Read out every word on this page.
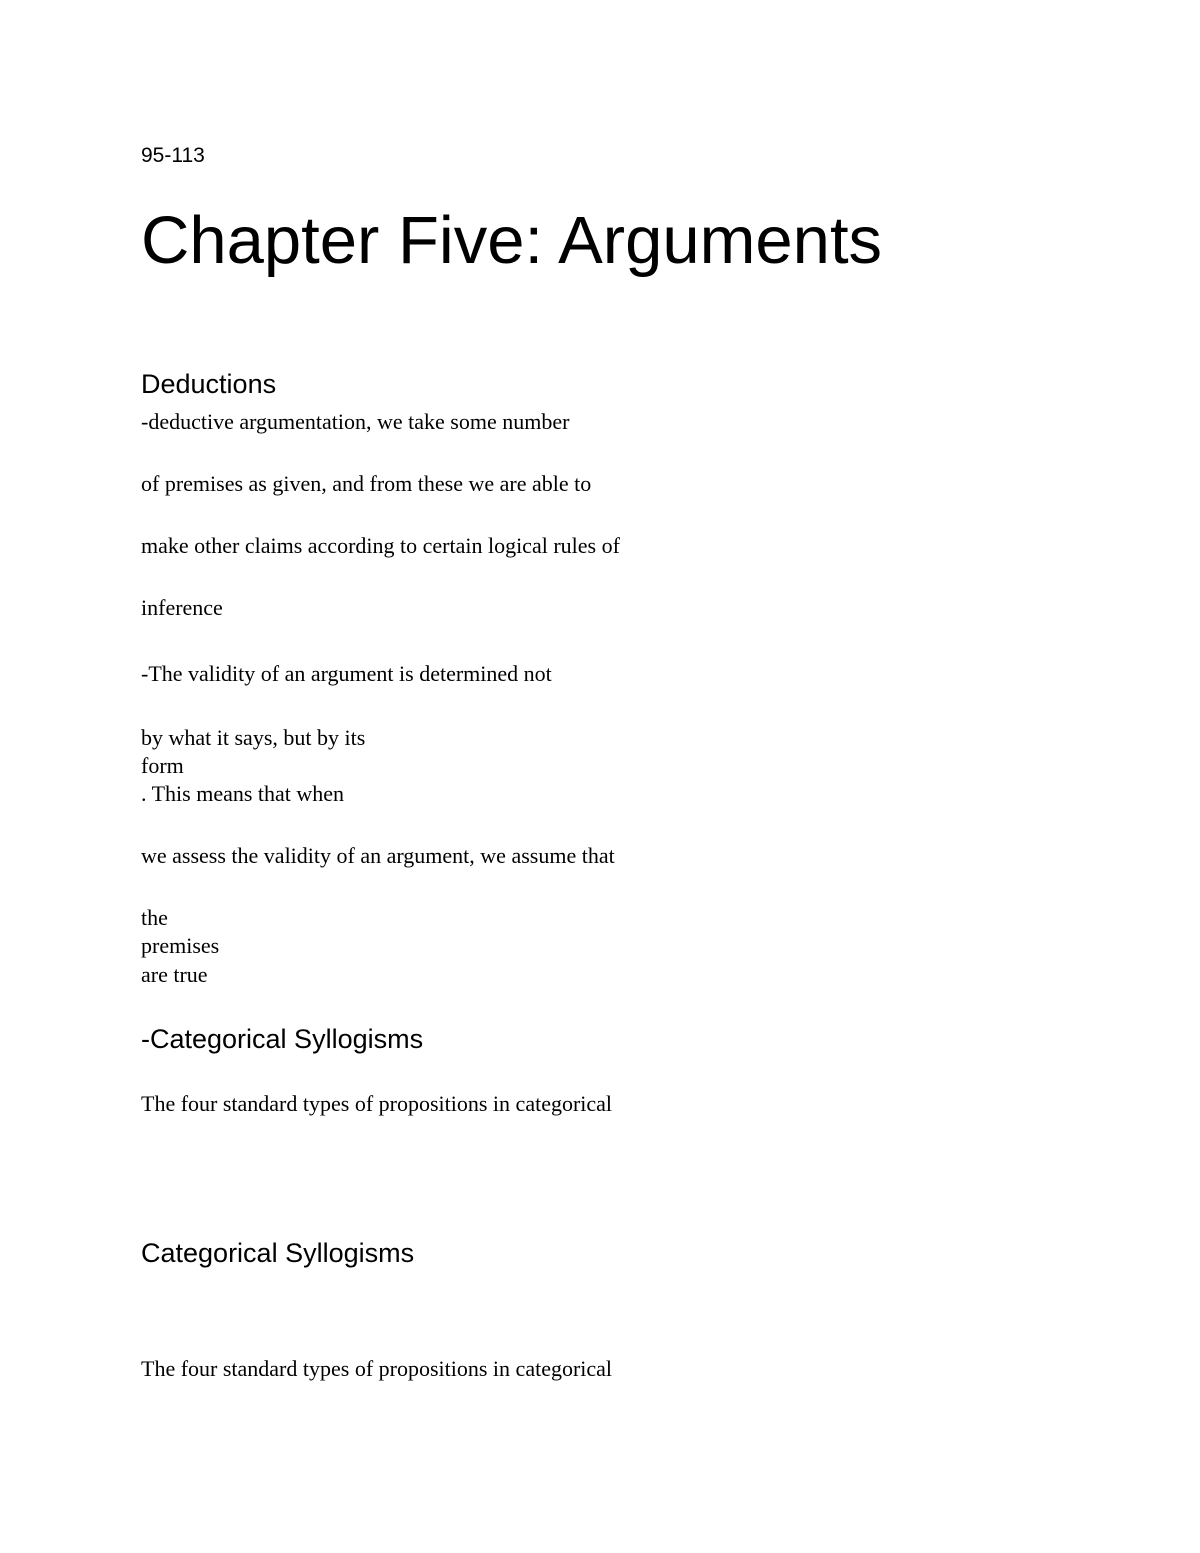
95-113

Chapter Five: Arguments
Deductions

-deductive argumentation, we take some number

of premises as given, and from these we are able to

make other claims according to certain logical rules of

inference

-The validity of an argument is determined not

by what it says, but by its

form

. This means that when

we assess the validity of an argument, we assume that

the

premises

are true

-Categorical Syllogisms

The four standard types of propositions in categorical

Categorical Syllogisms

The four standard types of propositions in categorical
